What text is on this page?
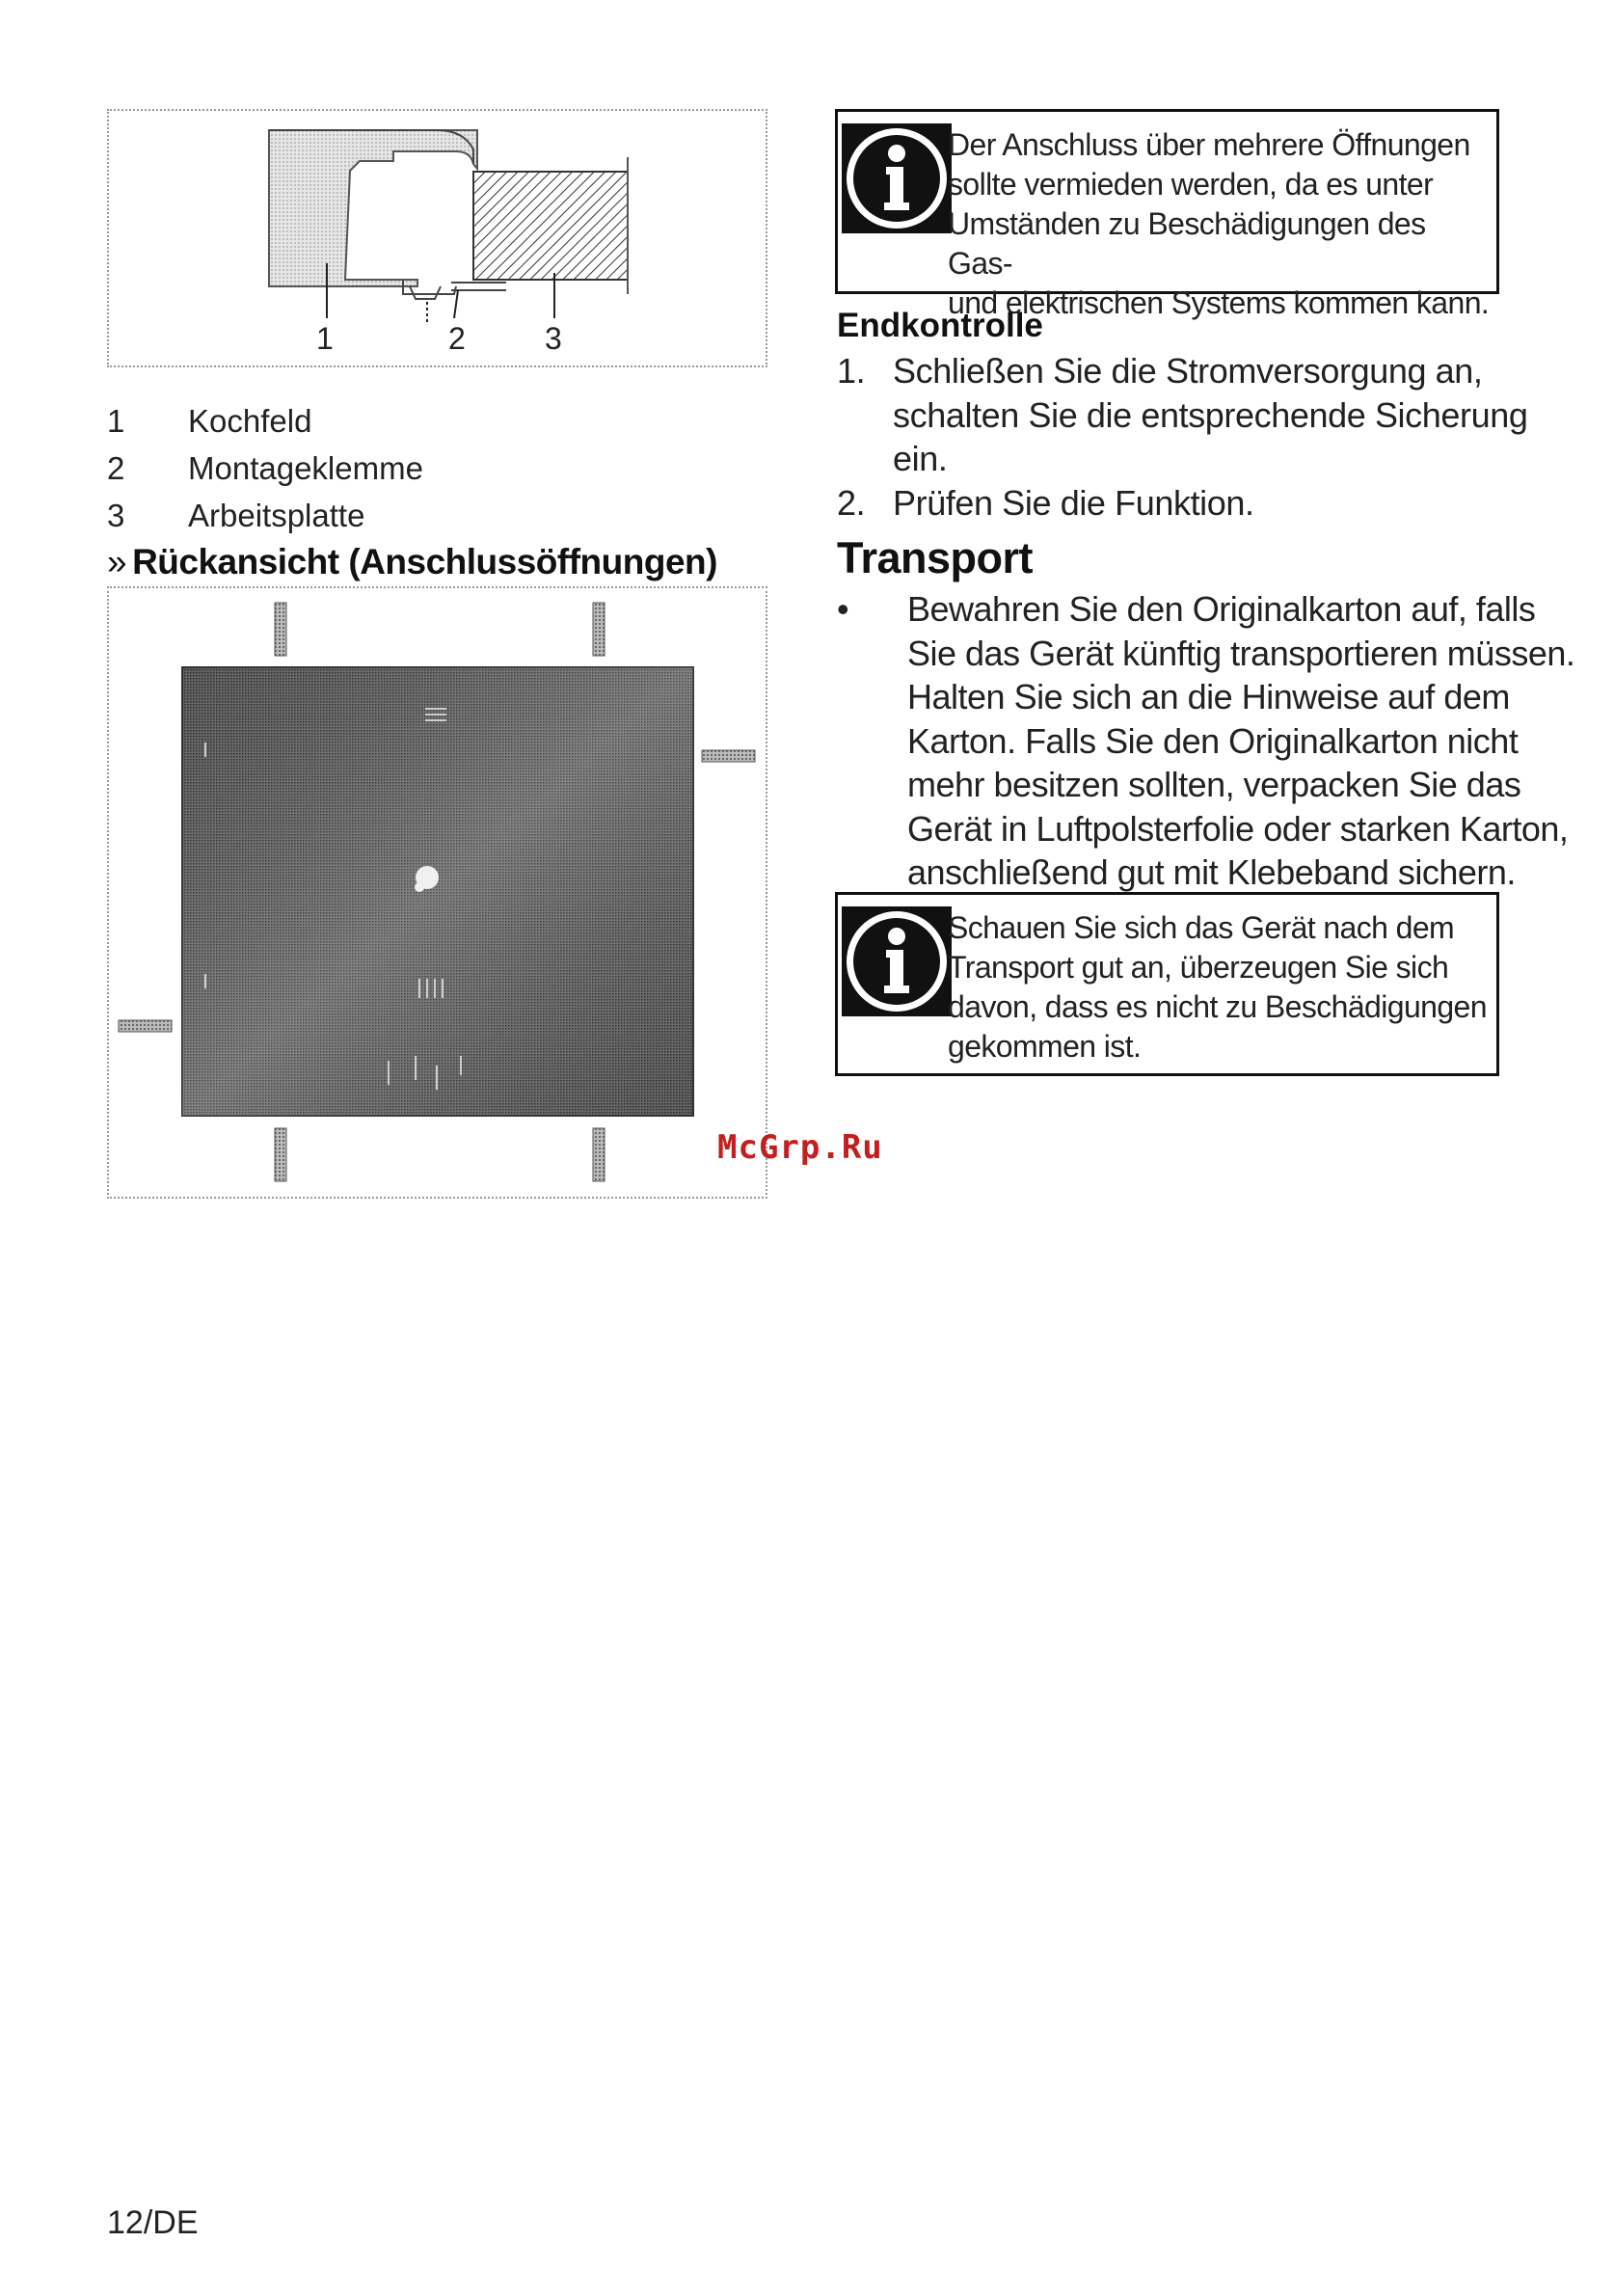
1	2	3
1 Kochfeld
2 Montageklemme
3 Arbeitsplatte
» Rückansicht (Anschlussöffnungen)
Der Anschluss über mehrere Öffnungen
sollte vermieden werden, da es unter
Umständen zu Beschädigungen des Gas-
und elektrischen Systems kommen kann.
Endkontrolle
1. Schließen Sie die Stromversorgung an,
schalten Sie die entsprechende Sicherung
ein.
2. Prüfen Sie die Funktion.
Transport
• Bewahren Sie den Originalkarton auf, falls
Sie das Gerät künftig transportieren müssen.
Halten Sie sich an die Hinweise auf dem
Karton. Falls Sie den Originalkarton nicht
mehr besitzen sollten, verpacken Sie das
Gerät in Luftpolsterfolie oder starken Karton,
anschließend gut mit Klebeband sichern.
Schauen Sie sich das Gerät nach dem
Transport gut an, überzeugen Sie sich
davon, dass es nicht zu Beschädigungen
gekommen ist.
McGrp.Ru
12/DE
